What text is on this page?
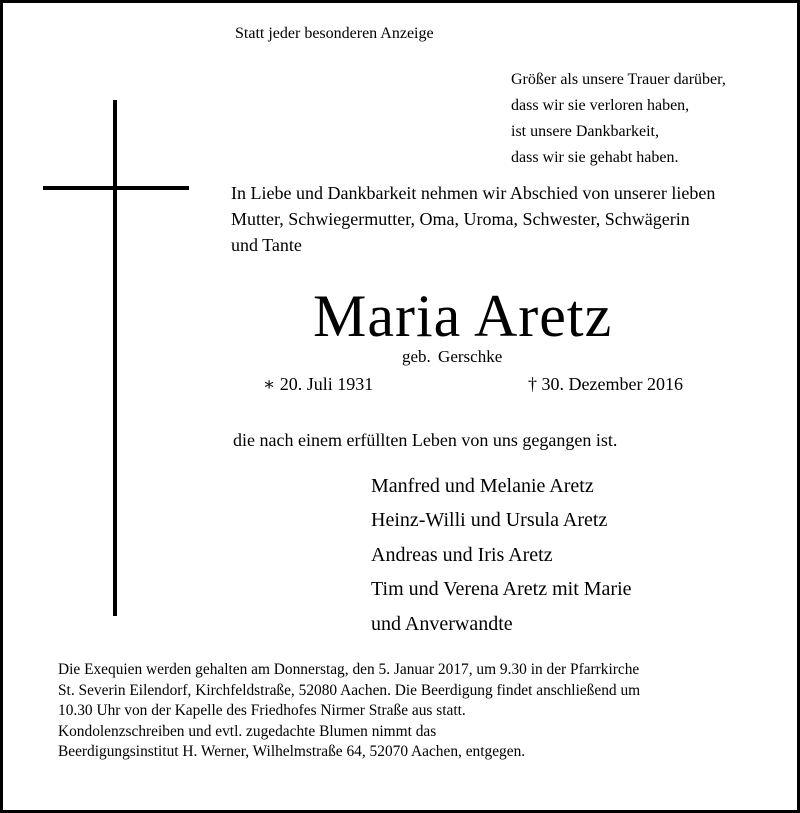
Statt jeder besonderen Anzeige
Größer als unsere Trauer darüber,
dass wir sie verloren haben,
ist unsere Dankbarkeit,
dass wir sie gehabt haben.
In Liebe und Dankbarkeit nehmen wir Abschied von unserer lieben
Mutter, Schwiegermutter, Oma, Uroma, Schwester, Schwägerin
und Tante
Maria Aretz
geb. Gerschke
∗ 20. Juli 1931	† 30. Dezember 2016
die nach einem erfüllten Leben von uns gegangen ist.
Manfred und Melanie Aretz
Heinz-Willi und Ursula Aretz
Andreas und Iris Aretz
Tim und Verena Aretz mit Marie
und Anverwandte
Die Exequien werden gehalten am Donnerstag, den 5. Januar 2017, um 9.30 in der Pfarrkirche
St. Severin Eilendorf, Kirchfeldstraße, 52080 Aachen. Die Beerdigung findet anschließend um
10.30 Uhr von der Kapelle des Friedhofes Nirmer Straße aus statt.
Kondolenzschreiben und evtl. zugedachte Blumen nimmt das
Beerdigungsinstitut H. Werner, Wilhelmstraße 64, 52070 Aachen, entgegen.
